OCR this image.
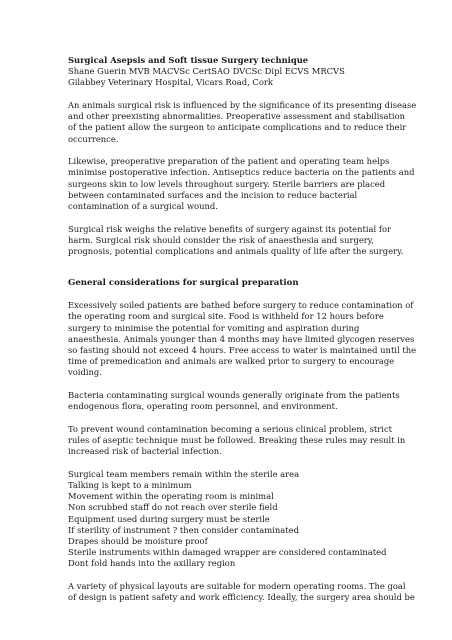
Surgical Asepsis and Soft tissue Surgery technique
Shane Guerin MVB MACVSc CertSAO DVCSc Dipl ECVS MRCVS
Gilabbey Veterinary Hospital, Vicars Road, Cork
An animals surgical risk is influenced by the significance of its presenting disease
and other preexisting abnormalities. Preoperative assessment and stabilisation
of the patient allow the surgeon to anticipate complications and to reduce their
occurrence.
Likewise, preoperative preparation of the patient and operating team helps
minimise postoperative infection. Antiseptics reduce bacteria on the patients and
surgeons skin to low levels throughout surgery. Sterile barriers are placed
between contaminated surfaces and the incision to reduce bacterial
contamination of a surgical wound.
Surgical risk weighs the relative benefits of surgery against its potential for
harm. Surgical risk should consider the risk of anaesthesia and surgery,
prognosis, potential complications and animals quality of life after the surgery.
General considerations for surgical preparation
Excessively soiled patients are bathed before surgery to reduce contamination of
the operating room and surgical site. Food is withheld for 12 hours before
surgery to minimise the potential for vomiting and aspiration during
anaesthesia. Animals younger than 4 months may have limited glycogen reserves
so fasting should not exceed 4 hours. Free access to water is maintained until the
time of premedication and animals are walked prior to surgery to encourage
voiding.
Bacteria contaminating surgical wounds generally originate from the patients
endogenous flora, operating room personnel, and environment.
To prevent wound contamination becoming a serious clinical problem, strict
rules of aseptic technique must be followed. Breaking these rules may result in
increased risk of bacterial infection.
Surgical team members remain within the sterile area
Talking is kept to a minimum
Movement within the operating room is minimal
Non scrubbed staff do not reach over sterile field
Equipment used during surgery must be sterile
If sterility of instrument ? then consider contaminated
Drapes should be moisture proof
Sterile instruments within damaged wrapper are considered contaminated
Dont fold hands into the axillary region
A variety of physical layouts are suitable for modern operating rooms. The goal
of design is patient safety and work efficiency. Ideally, the surgery area should be
